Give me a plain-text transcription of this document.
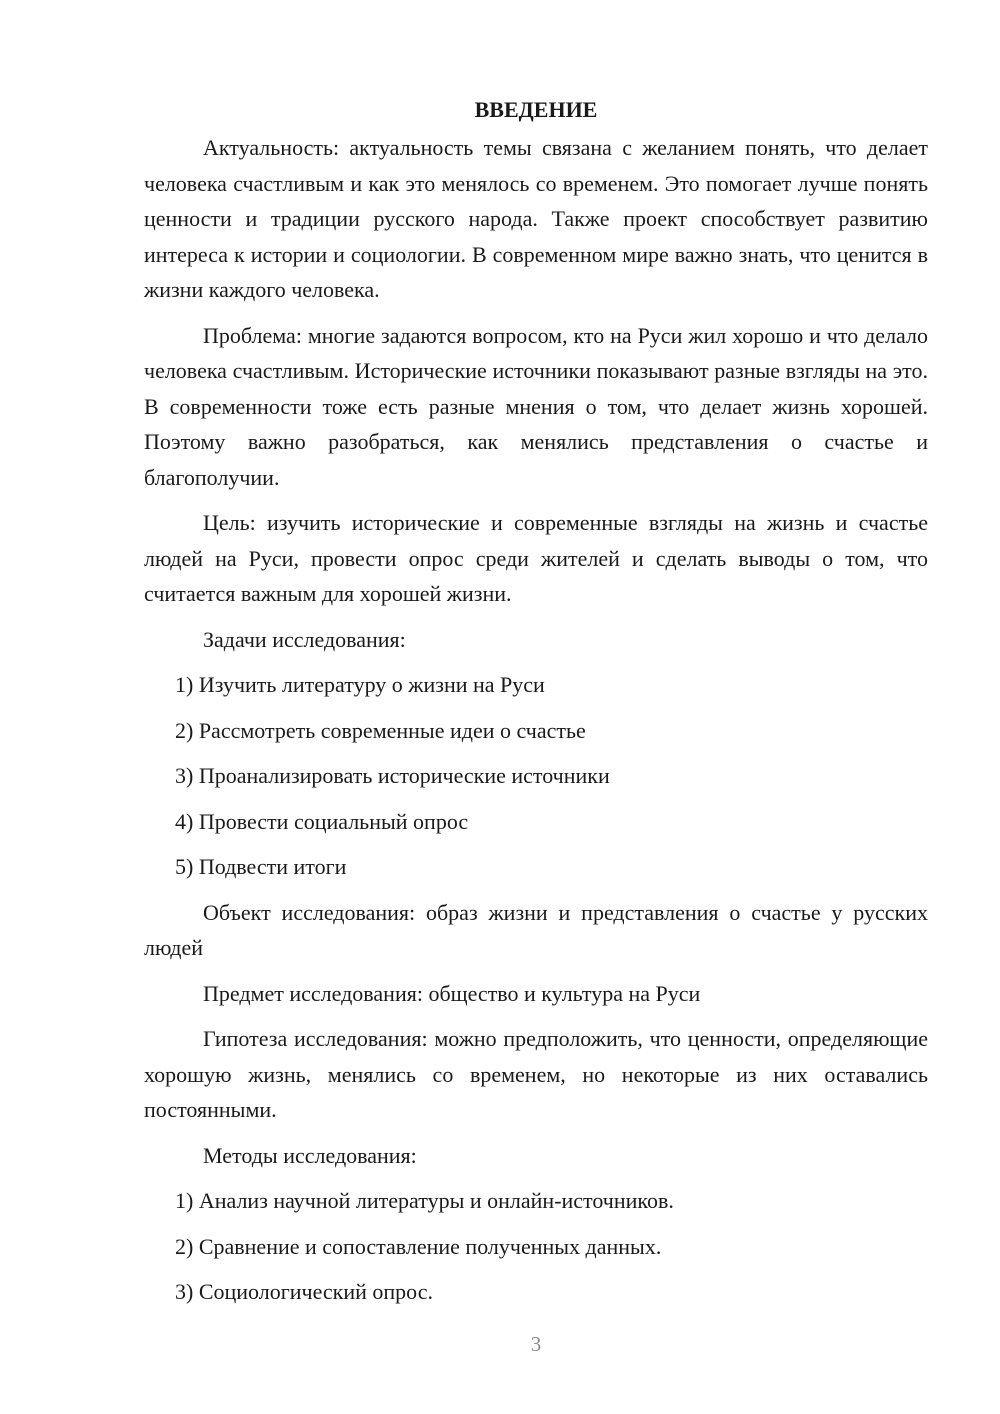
ВВЕДЕНИЕ

Актуальность: актуальность темы связана с желанием понять, что делает человека счастливым и как это менялось со временем. Это помогает лучше понять ценности и традиции русского народа. Также проект способствует развитию интереса к истории и социологии. В современном мире важно знать, что ценится в жизни каждого человека.

Проблема: многие задаются вопросом, кто на Руси жил хорошо и что делало человека счастливым. Исторические источники показывают разные взгляды на это. В современности тоже есть разные мнения о том, что делает жизнь хорошей. Поэтому важно разобраться, как менялись представления о счастье и благополучии.

Цель: изучить исторические и современные взгляды на жизнь и счастье людей на Руси, провести опрос среди жителей и сделать выводы о том, что считается важным для хорошей жизни.

Задачи исследования:

1) Изучить литературу о жизни на Руси
2) Рассмотреть современные идеи о счастье
3) Проанализировать исторические источники
4) Провести социальный опрос
5) Подвести итоги

Объект исследования: образ жизни и представления о счастье у русских людей

Предмет исследования: общество и культура на Руси

Гипотеза исследования: можно предположить, что ценности, определяющие хорошую жизнь, менялись со временем, но некоторые из них оставались постоянными.

Методы исследования:

1) Анализ научной литературы и онлайн-источников.
2) Сравнение и сопоставление полученных данных.
3) Социологический опрос.
3
